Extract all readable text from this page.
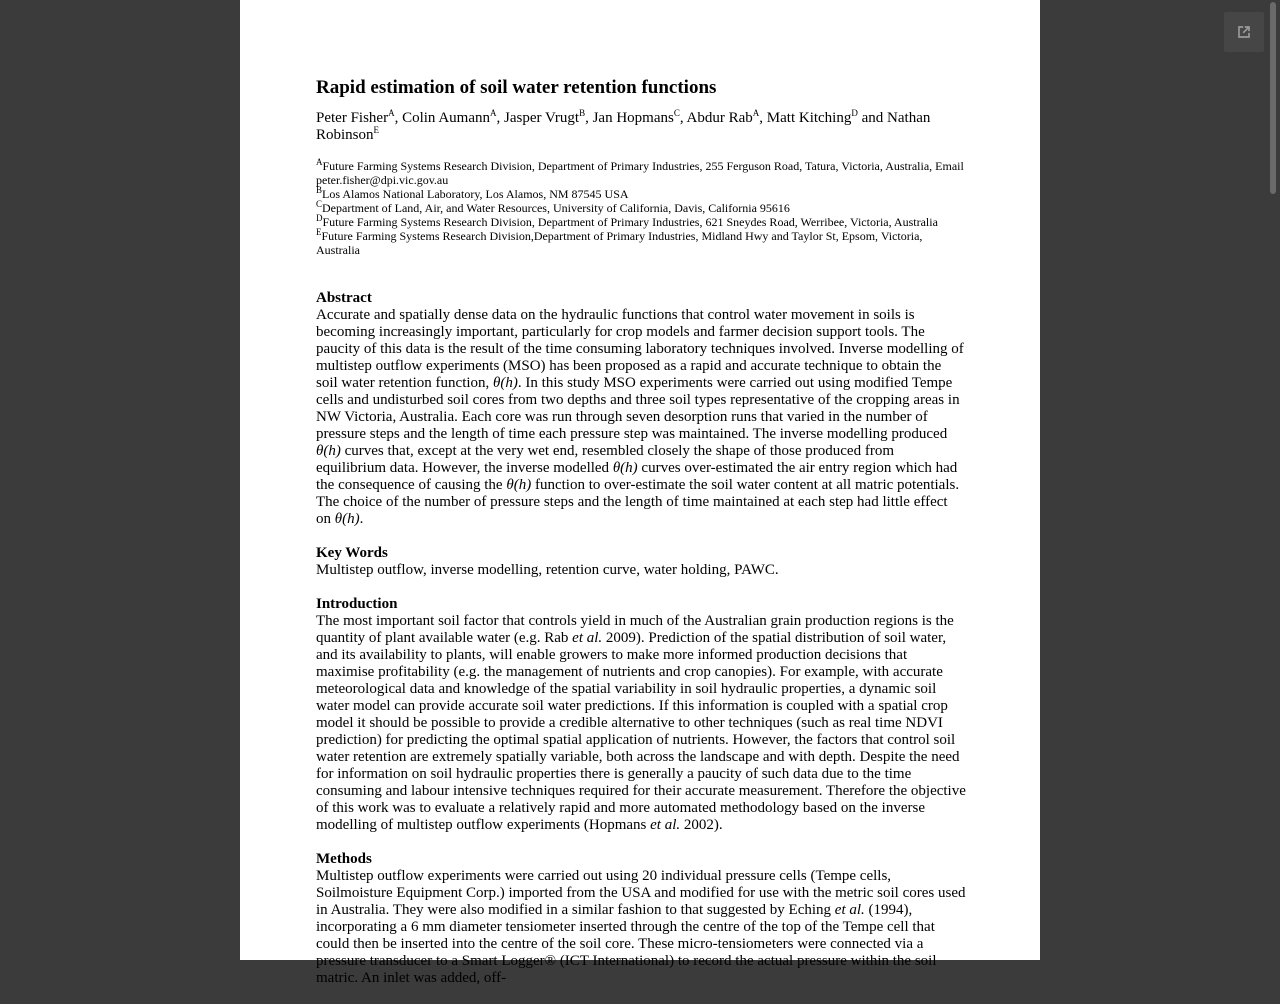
Rapid estimation of soil water retention functions
Peter Fisher$^A$, Colin Aumann$^A$, Jasper Vrugt$^B$, Jan Hopmans$^C$, Abdur Rab$^A$, Matt Kitching$^D$ and Nathan Robinson$^E$
$^A$Future Farming Systems Research Division, Department of Primary Industries, 255 Ferguson Road, Tatura, Victoria, Australia, Email peter.fisher@dpi.vic.gov.au
$^B$Los Alamos National Laboratory, Los Alamos, NM 87545 USA
$^C$Department of Land, Air, and Water Resources, University of California, Davis, California 95616
$^D$Future Farming Systems Research Division, Department of Primary Industries, 621 Sneydes Road, Werribee, Victoria, Australia
$^E$Future Farming Systems Research Division,Department of Primary Industries, Midland Hwy and Taylor St, Epsom, Victoria, Australia
Abstract
Accurate and spatially dense data on the hydraulic functions that control water movement in soils is becoming increasingly important, particularly for crop models and farmer decision support tools. The paucity of this data is the result of the time consuming laboratory techniques involved. Inverse modelling of multistep outflow experiments (MSO) has been proposed as a rapid and accurate technique to obtain the soil water retention function, θ(h). In this study MSO experiments were carried out using modified Tempe cells and undisturbed soil cores from two depths and three soil types representative of the cropping areas in NW Victoria, Australia. Each core was run through seven desorption runs that varied in the number of pressure steps and the length of time each pressure step was maintained. The inverse modelling produced θ(h) curves that, except at the very wet end, resembled closely the shape of those produced from equilibrium data. However, the inverse modelled θ(h) curves over-estimated the air entry region which had the consequence of causing the θ(h) function to over-estimate the soil water content at all matric potentials. The choice of the number of pressure steps and the length of time maintained at each step had little effect on θ(h).
Key Words
Multistep outflow, inverse modelling, retention curve, water holding, PAWC.
Introduction
The most important soil factor that controls yield in much of the Australian grain production regions is the quantity of plant available water (e.g. Rab et al. 2009). Prediction of the spatial distribution of soil water, and its availability to plants, will enable growers to make more informed production decisions that maximise profitability (e.g. the management of nutrients and crop canopies). For example, with accurate meteorological data and knowledge of the spatial variability in soil hydraulic properties, a dynamic soil water model can provide accurate soil water predictions. If this information is coupled with a spatial crop model it should be possible to provide a credible alternative to other techniques (such as real time NDVI prediction) for predicting the optimal spatial application of nutrients. However, the factors that control soil water retention are extremely spatially variable, both across the landscape and with depth. Despite the need for information on soil hydraulic properties there is generally a paucity of such data due to the time consuming and labour intensive techniques required for their accurate measurement. Therefore the objective of this work was to evaluate a relatively rapid and more automated methodology based on the inverse modelling of multistep outflow experiments (Hopmans et al. 2002).
Methods
Multistep outflow experiments were carried out using 20 individual pressure cells (Tempe cells, Soilmoisture Equipment Corp.) imported from the USA and modified for use with the metric soil cores used in Australia. They were also modified in a similar fashion to that suggested by Eching et al. (1994), incorporating a 6 mm diameter tensiometer inserted through the centre of the top of the Tempe cell that could then be inserted into the centre of the soil core. These micro-tensiometers were connected via a pressure transducer to a Smart Logger® (ICT International) to record the actual pressure within the soil matric. An inlet was added, off-
